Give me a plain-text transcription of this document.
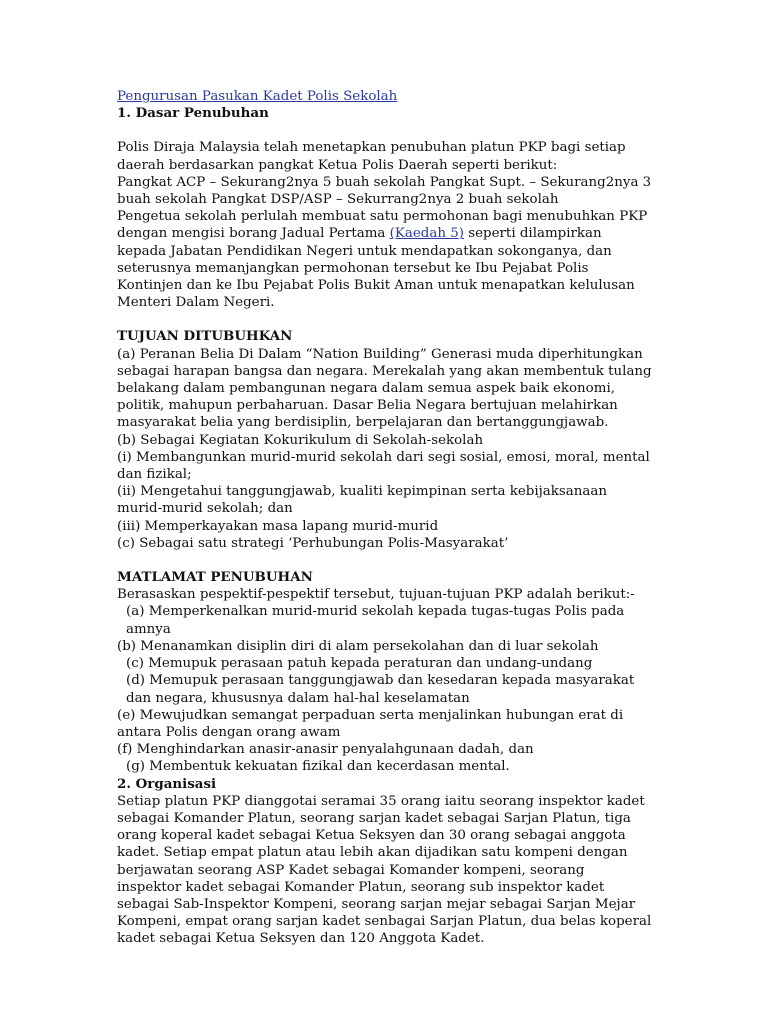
Pengurusan Pasukan Kadet Polis Sekolah

1. Dasar Penubuhan

Polis Diraja Malaysia telah menetapkan penubuhan platun PKP bagi setiap daerah berdasarkan pangkat Ketua Polis Daerah seperti berikut:

Pangkat ACP – Sekurang2nya 5 buah sekolah Pangkat Supt. – Sekurang2nya 3 buah sekolah Pangkat DSP/ASP – Sekurrang2nya 2 buah sekolah

Pengetua sekolah perlulah membuat satu permohonan bagi menubuhkan PKP dengan mengisi borang Jadual Pertama (Kaedah 5) seperti dilampirkan kepada Jabatan Pendidikan Negeri untuk mendapatkan sokonganya, dan seterusnya memanjangkan permohonan tersebut ke Ibu Pejabat Polis Kontinjen dan ke Ibu Pejabat Polis Bukit Aman untuk menapatkan kelulusan Menteri Dalam Negeri.

TUJUAN DITUBUHKAN

(a) Peranan Belia Di Dalam “Nation Building” Generasi muda diperhitungkan sebagai harapan bangsa dan negara. Merekalah yang akan membentuk tulang belakang dalam pembangunan negara dalam semua aspek baik ekonomi, politik, mahupun perbaharuan. Dasar Belia Negara bertujuan melahirkan masyarakat belia yang berdisiplin, berpelajaran dan bertanggungjawab.

(b) Sebagai Kegiatan Kokurikulum di Sekolah-sekolah

(i) Membangunkan murid-murid sekolah dari segi sosial, emosi, moral, mental dan fizikal;

(ii) Mengetahui tanggungjawab, kualiti kepimpinan serta kebijaksanaan murid-murid sekolah; dan

(iii) Memperkayakan masa lapang murid-murid

(c) Sebagai satu strategi ‘Perhubungan Polis-Masyarakat’

MATLAMAT PENUBUHAN

Berasaskan pespektif-pespektif tersebut, tujuan-tujuan PKP adalah berikut:-

(a) Memperkenalkan murid-murid sekolah kepada tugas-tugas Polis pada amnya

(b) Menanamkan disiplin diri di alam persekolahan dan di luar sekolah

(c) Memupuk perasaan patuh kepada peraturan dan undang-undang

(d) Memupuk perasaan tanggungjawab dan kesedaran kepada masyarakat dan negara, khususnya dalam hal-hal keselamatan

(e) Mewujudkan semangat perpaduan serta menjalinkan hubungan erat di antara Polis dengan orang awam

(f) Menghindarkan anasir-anasir penyalahgunaan dadah, dan

(g) Membentuk kekuatan fizikal dan kecerdasan mental.

2. Organisasi

Setiap platun PKP dianggotai seramai 35 orang iaitu seorang inspektor kadet sebagai Komander Platun, seorang sarjan kadet sebagai Sarjan Platun, tiga orang koperal kadet sebagai Ketua Seksyen dan 30 orang sebagai anggota kadet. Setiap empat platun atau lebih akan dijadikan satu kompeni dengan berjawatan seorang ASP Kadet sebagai Komander kompeni, seorang inspektor kadet sebagai Komander Platun, seorang sub inspektor kadet sebagai Sab-Inspektor Kompeni, seorang sarjan mejar sebagai Sarjan Mejar Kompeni, empat orang sarjan kadet senbagai Sarjan Platun, dua belas koperal kadet sebagai Ketua Seksyen dan 120 Anggota Kadet.
